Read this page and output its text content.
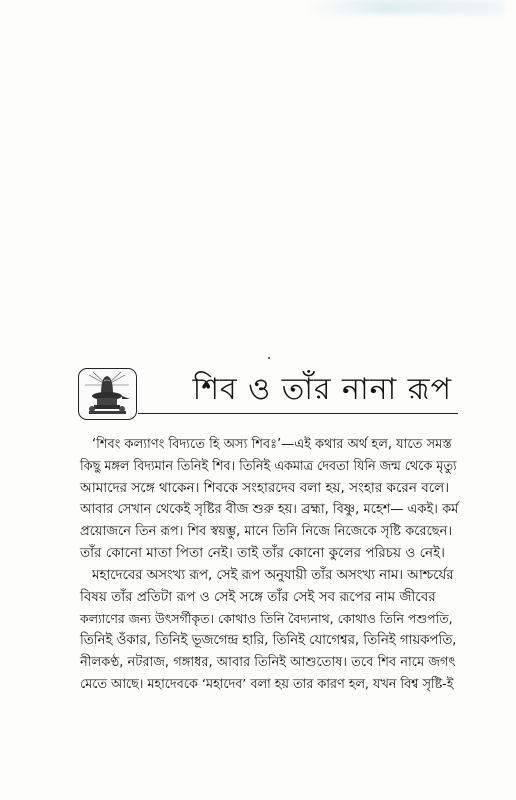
শিব ও তাঁর নানা রূপ
‘শিবং কল্যাণং বিদ্যতে হি অস্য শিবঃ’—এই কথার অর্থ হল, যাতে সমস্ত
কিছু মঙ্গল বিদ্যমান তিনিই শিব। তিনিই একমাত্র দেবতা যিনি জন্ম থেকে মৃত্যু
আমাদের সঙ্গে থাকেন। শিবকে সংহারদেব বলা হয়, সংহার করেন বলে।
আবার সেখান থেকেই সৃষ্টির বীজ শুরু হয়। ব্রহ্মা, বিষ্ণু, মহেশ— একই। কর্ম
প্রয়োজনে তিন রূপ। শিব স্বয়ম্ভু, মানে তিনি নিজে নিজেকে সৃষ্টি করেছেন।
তাঁর কোনো মাতা পিতা নেই। তাই তাঁর কোনো কুলের পরিচয় ও নেই।
মহাদেবের অসংখ্য রূপ, সেই রূপ অনুযায়ী তাঁর অসংখ্য নাম। আশ্চর্যের
বিষয় তাঁর প্রতিটা রূপ ও সেই সঙ্গে তাঁর সেই সব রূপের নাম জীবের
কল্যাণের জন্য উৎসর্গীকৃত। কোথাও তিনি বৈদ্যনাথ, কোথাও তিনি পশুপতি,
তিনিই ওঁকার, তিনিই ভূজগেন্দ্র হারি, তিনিই যোগেশ্বর, তিনিই গায়কপতি,
নীলকণ্ঠ, নটরাজ, গঙ্গাধর, আবার তিনিই আশুতোষ। তবে শিব নামে জগৎ
মেতে আছে। মহাদেবকে ‘মহাদেব’ বলা হয় তার কারণ হল, যখন বিশ্ব সৃষ্টি-ই
